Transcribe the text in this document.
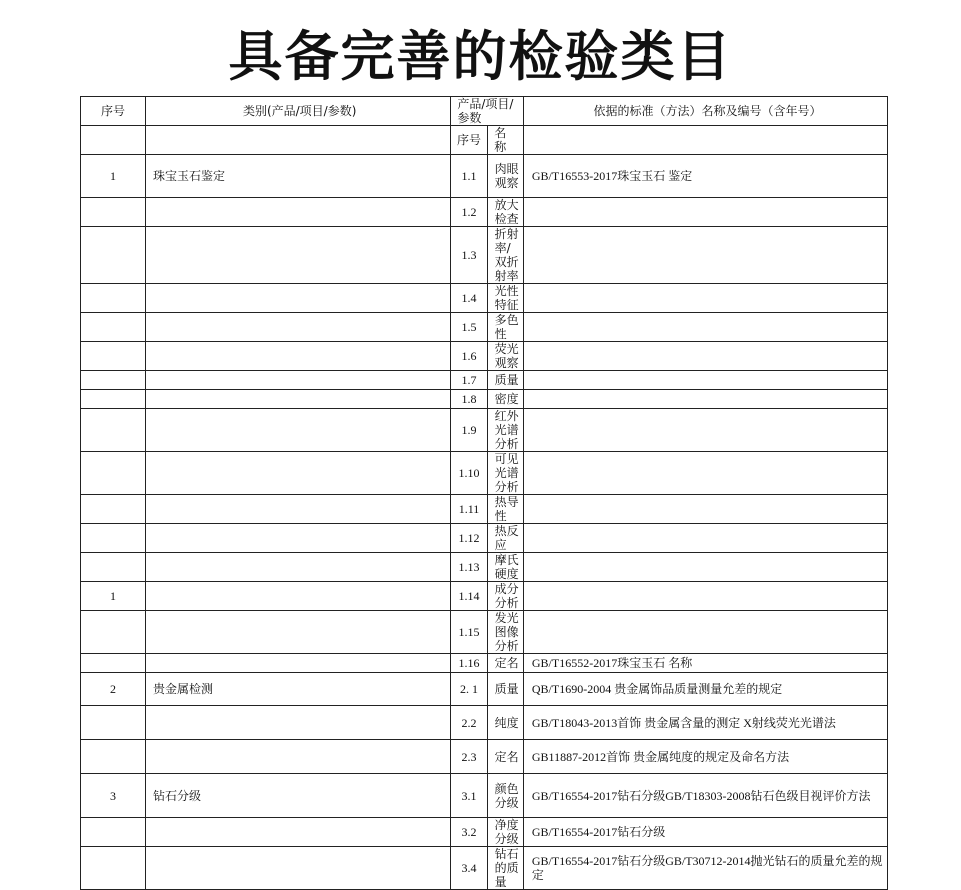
具备完善的检验类目
序号	类别(产品/项目/参数)	产品/项目/参数		依据的标准（方法）名称及编号（含年号）
		序号	名 称	
1	珠宝玉石鉴定	1.1	肉眼观察	GB/T16553-2017珠宝玉石 鉴定
		1.2	放大检查	
		1.3	折射率/双折射率	
		1.4	光性特征	
		1.5	多色性	
		1.6	荧光观察	
		1.7	质量	
		1.8	密度	
		1.9	红外光谱分析	
		1.10	可见光谱分析	
		1.11	热导性	
		1.12	热反应	
		1.13	摩氏硬度	
1		1.14	成分分析	
		1.15	发光图像分析	
		1.16	定名	GB/T16552-2017珠宝玉石 名称
2	贵金属检测	2. 1	质量	QB/T1690-2004 贵金属饰品质量测量允差的规定
		2.2	纯度	GB/T18043-2013首饰 贵金属含量的测定 X射线荧光光谱法
		2.3	定名	GB11887-2012首饰 贵金属纯度的规定及命名方法
3	钻石分级	3.1	颜色分级	GB/T16554-2017钻石分级GB/T18303-2008钻石色级目视评价方法
		3.2	净度分级	GB/T16554-2017钻石分级
		3.4	钻石的质量	GB/T16554-2017钻石分级GB/T30712-2014抛光钻石的质量允差的规定
